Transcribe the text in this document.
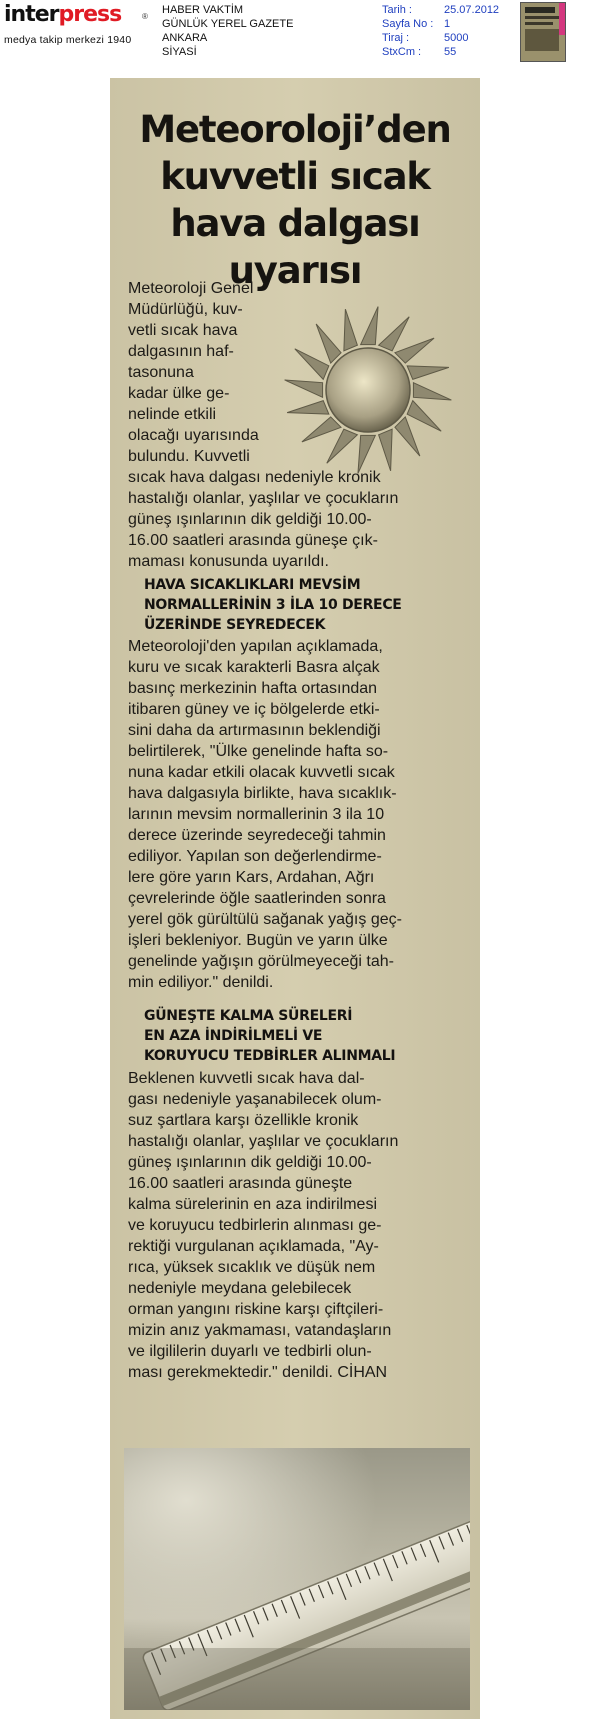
interpress	®
medya takip merkezi 1940
HABER VAKTİM
GÜNLÜK YEREL GAZETE
ANKARA
SİYASİ
Tarih :	25.07.2012
Sayfa No : 1
Tiraj :	5000
StxCm : 55
Meteoroloji’den
kuvvetli sıcak
hava dalgası
uyarısı
Meteoroloji Genel
Müdürlüğü, kuv-
vetli sıcak hava
dalgasının haf-
tasonuna
kadar ülke ge-
nelinde etkili
olacağı uyarısında
bulundu. Kuvvetli
sıcak hava dalgası nedeniyle kronik
hastalığı olanlar, yaşlılar ve çocukların
güneş ışınlarının dik geldiği 10.00-
16.00 saatleri arasında güneşe çık-
maması konusunda uyarıldı.
HAVA SICAKLIKLARI MEVSİM
NORMALLERİNİN 3 İLA 10 DERECE
ÜZERİNDE SEYREDECEK
Meteoroloji'den yapılan açıklamada,
kuru ve sıcak karakterli Basra alçak
basınç merkezinin hafta ortasından
itibaren güney ve iç bölgelerde etki-
sini daha da artırmasının beklendiği
belirtilerek, "Ülke genelinde hafta so-
nuna kadar etkili olacak kuvvetli sıcak
hava dalgasıyla birlikte, hava sıcaklık-
larının mevsim normallerinin 3 ila 10
derece üzerinde seyredeceği tahmin
ediliyor. Yapılan son değerlendirme-
lere göre yarın Kars, Ardahan, Ağrı
çevrelerinde öğle saatlerinden sonra
yerel gök gürültülü sağanak yağış geç-
işleri bekleniyor. Bugün ve yarın ülke
genelinde yağışın görülmeyeceği tah-
min ediliyor." denildi.
GÜNEŞTE KALMA SÜRELERİ
EN AZA İNDİRİLMELİ VE
KORUYUCU TEDBİRLER ALINMALI
Beklenen kuvvetli sıcak hava dal-
gası nedeniyle yaşanabilecek olum-
suz şartlara karşı özellikle kronik
hastalığı olanlar, yaşlılar ve çocukların
güneş ışınlarının dik geldiği 10.00-
16.00 saatleri arasında güneşte
kalma sürelerinin en aza indirilmesi
ve koruyucu tedbirlerin alınması ge-
rektiği vurgulanan açıklamada, "Ay-
rıca, yüksek sıcaklık ve düşük nem
nedeniyle meydana gelebilecek
orman yangını riskine karşı çiftçileri-
mizin anız yakmaması, vatandaşların
ve ilgililerin duyarlı ve tedbirli olun-
ması gerekmektedir." denildi. CİHAN
